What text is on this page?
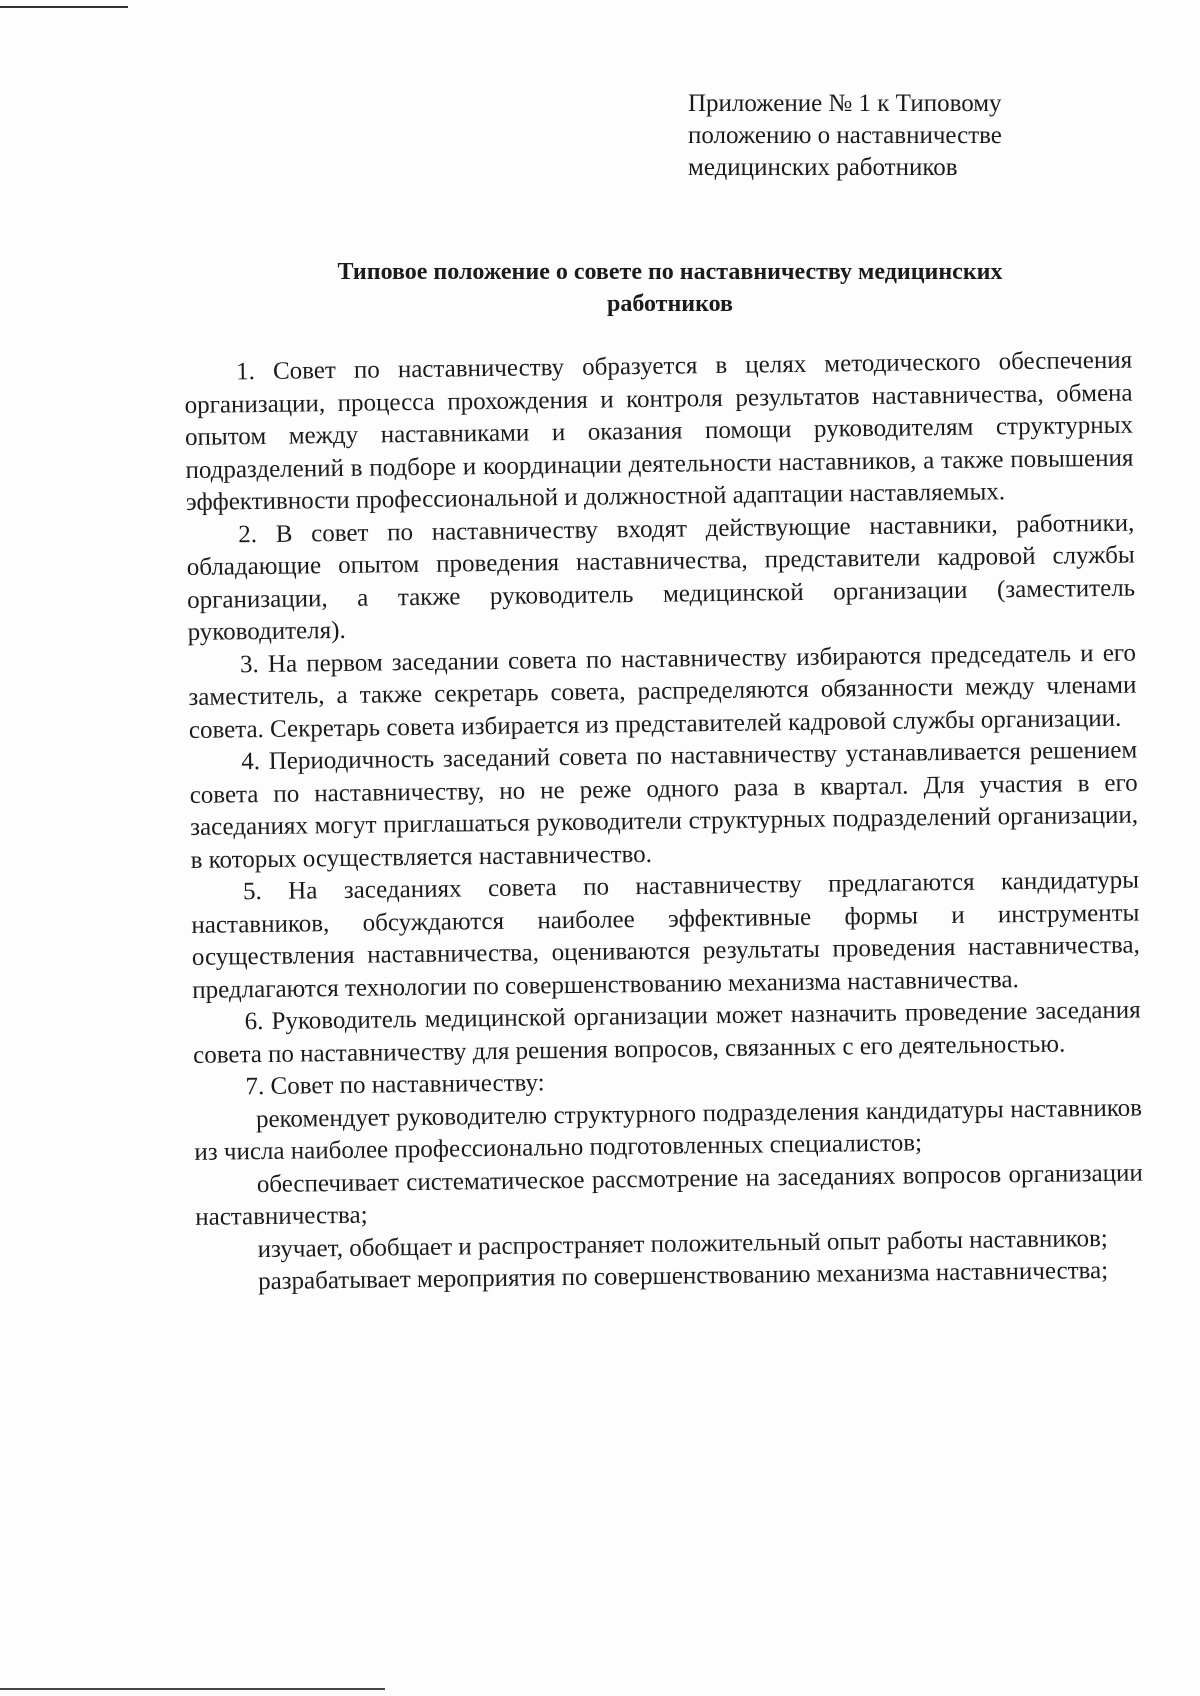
Приложение № 1 к Типовому
положению о наставничестве
медицинских работников
Типовое положение о совете по наставничеству медицинских
работников

1. Совет по наставничеству образуется в целях методического обеспечения организации, процесса прохождения и контроля результатов наставничества, обмена опытом между наставниками и оказания помощи руководителям структурных подразделений в подборе и координации деятельности наставников, а также повышения эффективности профессиональной и должностной адаптации наставляемых.

2. В совет по наставничеству входят действующие наставники, работники, обладающие опытом проведения наставничества, представители кадровой службы организации, а также руководитель медицинской организации (заместитель руководителя).

3. На первом заседании совета по наставничеству избираются председатель и его заместитель, а также секретарь совета, распределяются обязанности между членами совета. Секретарь совета избирается из представителей кадровой службы организации.

4. Периодичность заседаний совета по наставничеству устанавливается решением совета по наставничеству, но не реже одного раза в квартал. Для участия в его заседаниях могут приглашаться руководители структурных подразделений организации, в которых осуществляется наставничество.

5. На заседаниях совета по наставничеству предлагаются кандидатуры наставников, обсуждаются наиболее эффективные формы и инструменты осуществления наставничества, оцениваются результаты проведения наставничества, предлагаются технологии по совершенствованию механизма наставничества.

6. Руководитель медицинской организации может назначить проведение заседания совета по наставничеству для решения вопросов, связанных с его деятельностью.

7. Совет по наставничеству:

рекомендует руководителю структурного подразделения кандидатуры наставников из числа наиболее профессионально подготовленных специалистов;

обеспечивает систематическое рассмотрение на заседаниях вопросов организации наставничества;

изучает, обобщает и распространяет положительный опыт работы наставников;

разрабатывает мероприятия по совершенствованию механизма наставничества;
